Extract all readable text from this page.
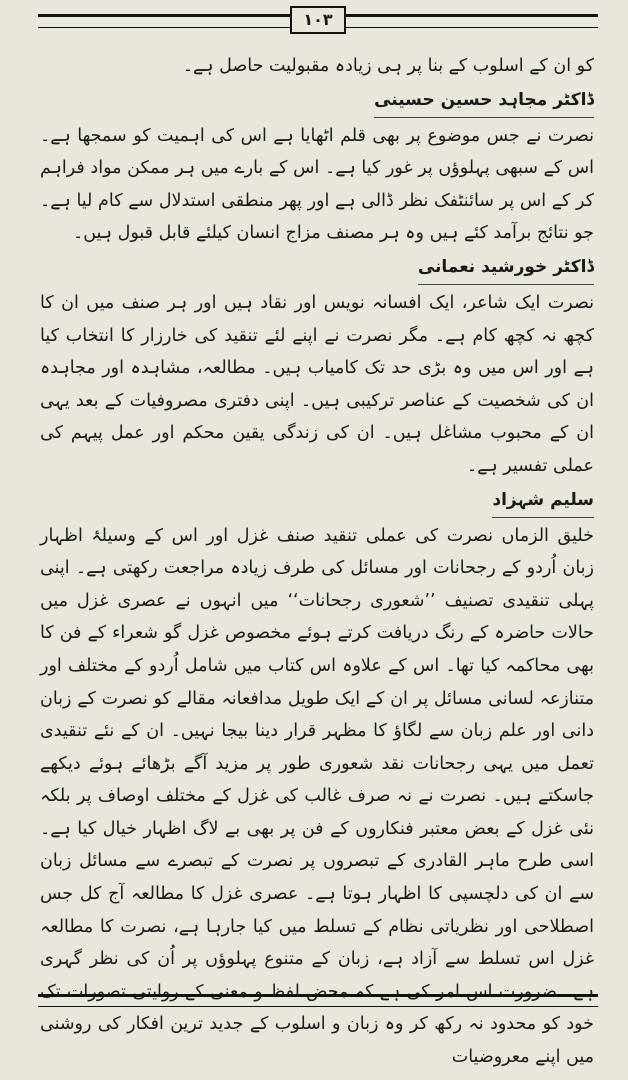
۱۰۳

کو ان کے اسلوب کے بنا پر ہی زیادہ مقبولیت حاصل ہے۔

ڈاکٹر مجاہد حسین حسینی

نصرت نے جس موضوع پر بھی قلم اٹھایا ہے اس کی اہمیت کو سمجھا ہے۔ اس کے سبھی پہلوؤں پر غور کیا ہے۔ اس کے بارے میں ہر ممکن مواد فراہم کر کے اس پر سائنٹفک نظر ڈالی ہے اور پھر منطقی استدلال سے کام لیا ہے۔ جو نتائج برآمد کئے ہیں وہ ہر مصنف مزاج انسان کیلئے قابل قبول ہیں۔

ڈاکٹر خورشید نعمانی

نصرت ایک شاعر، ایک افسانہ نویس اور نقاد ہیں اور ہر صنف میں ان کا کچھ نہ کچھ کام ہے۔ مگر نصرت نے اپنے لئے تنقید کی خارزار کا انتخاب کیا ہے اور اس میں وہ بڑی حد تک کامیاب ہیں۔ مطالعہ، مشاہدہ اور مجاہدہ ان کی شخصیت کے عناصر ترکیبی ہیں۔ اپنی دفتری مصروفیات کے بعد یہی ان کے محبوب مشاغل ہیں۔ ان کی زندگی یقین محکم اور عمل پیہم کی عملی تفسیر ہے۔

سلیم شہزاد

خلیق الزماں نصرت کی عملی تنقید صنف غزل اور اس کے وسیلۂ اظہار زبان اُردو کے رجحانات اور مسائل کی طرف زیادہ مراجعت رکھتی ہے۔ اپنی پہلی تنقیدی تصنیف ’’شعوری رجحانات‘‘ میں انہوں نے عصری غزل میں حالات حاضرہ کے رنگ دریافت کرتے ہوئے مخصوص غزل گو شعراء کے فن کا بھی محاکمہ کیا تھا۔ اس کے علاوہ اس کتاب میں شامل اُردو کے مختلف اور متنازعہ لسانی مسائل پر ان کے ایک طویل مدافعانہ مقالے کو نصرت کے زبان دانی اور علم زبان سے لگاؤ کا مظہر قرار دینا بیجا نہیں۔ ان کے نئے تنقیدی تعمل میں یہی رجحانات نقد شعوری طور پر مزید آگے بڑھائے ہوئے دیکھے جاسکتے ہیں۔ نصرت نے نہ صرف غالب کی غزل کے مختلف اوصاف پر بلکہ نئی غزل کے بعض معتبر فنکاروں کے فن پر بھی بے لاگ اظہار خیال کیا ہے۔ اسی طرح ماہر القادری کے تبصروں پر نصرت کے تبصرے سے مسائل زبان سے ان کی دلچسپی کا اظہار ہوتا ہے۔ عصری غزل کا مطالعہ آج کل جس اصطلاحی اور نظریاتی نظام کے تسلط میں کیا جارہا ہے، نصرت کا مطالعہ غزل اس تسلط سے آزاد ہے، زبان کے متنوع پہلوؤں پر اُن کی نظر گہری ہے۔ ضرورت اس امر کی ہے کہ محض لفظ و معنی کے روایتی تصورات تک خود کو محدود نہ رکھ کر وہ زبان و اسلوب کے جدید ترین افکار کی روشنی میں اپنے معروضیات
